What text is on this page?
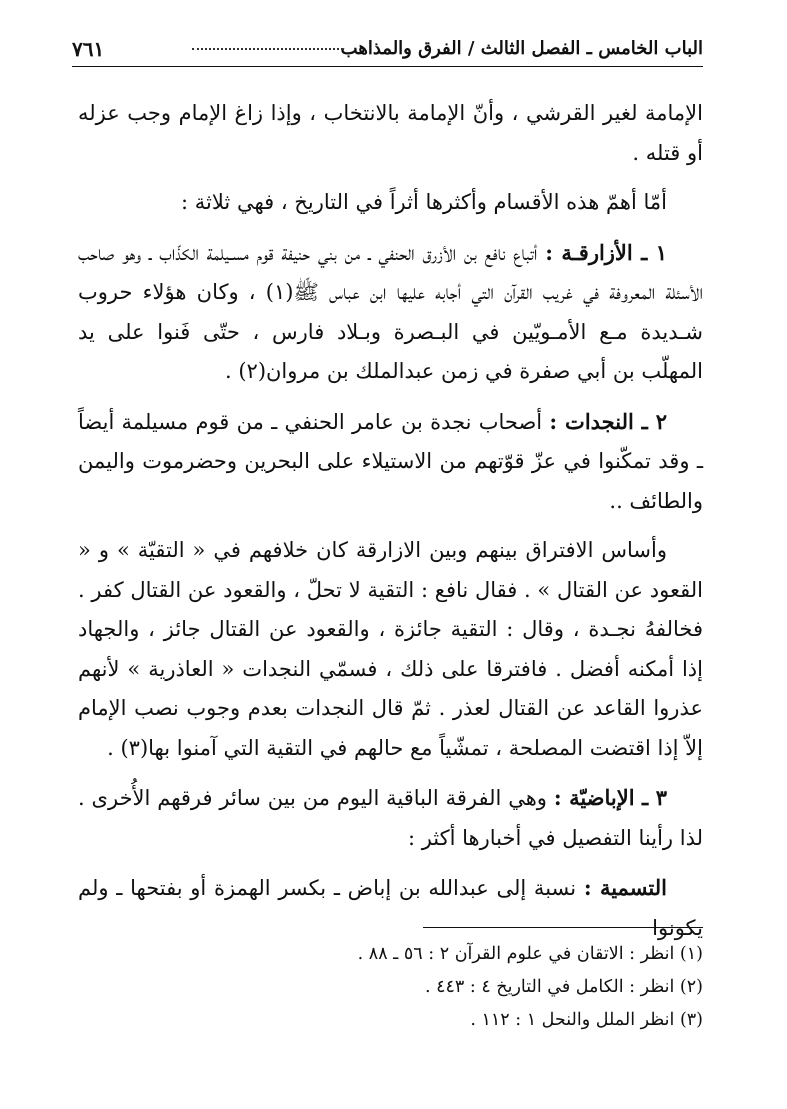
الباب الخامس ـ الفصل الثالث / الفرق والمذاهب
٧٦١

الإمامة لغير القرشي ، وأنّ الإمامة بالانتخاب ، وإذا زاغ الإمام وجب عزله أو قتله .

أمّا أهمّ هذه الأقسام وأكثرها أثراً في التاريخ ، فهي ثلاثة :

١ ـ الأزارقـة : أتباع نافع بن الأزرق الحنفي ـ من بني حنيفة قوم مسـيلمة الكذّاب ـ وهو صاحب الأسئلة المعروفة في غريب القرآن التي أجابه عليها ابن عباس ﷺ(١) ، وكان هؤلاء حروب شـديدة مـع الأمـويّين في البـصرة وبـلاد فارس ، حتّى فَنوا على يد المهلّب بن أبي صفرة في زمن عبدالملك بن مروان(٢) .

٢ ـ النجدات : أصحاب نجدة بن عامر الحنفي ـ من قوم مسيلمة أيضاً ـ وقد تمكّنوا في عزّ قوّتهم من الاستيلاء على البحرين وحضرموت واليمن والطائف ..

وأساس الافتراق بينهم وبين الازارقة كان خلافهم في « التقيّة » و « القعود عن القتال » . فقال نافع : التقية لا تحلّ ، والقعود عن القتال كفر . فخالفهُ نجـدة ، وقال : التقية جائزة ، والقعود عن القتال جائز ، والجهاد إذا أمكنه أفضل . فافترقا على ذلك ، فسمّي النجدات « العاذرية » لأنهم عذروا القاعد عن القتال لعذر . ثمّ قال النجدات بعدم وجوب نصب الإمام إلاّ إذا اقتضت المصلحة ، تمشّياً مع حالهم في التقية التي آمنوا بها(٣) .

٣ ـ الإباضيّة : وهي الفرقة الباقية اليوم من بين سائر فرقهم الأُخرى . لذا رأينا التفصيل في أخبارها أكثر :

التسمية : نسبة إلى عبدالله بن إباض ـ بكسر الهمزة أو بفتحها ـ ولم يكونوا

(١) انظر : الاتقان في علوم القرآن ٢ : ٥٦ ـ ٨٨ .

(٢) انظر : الكامل في التاريخ ٤ : ٤٤٣ .

(٣) انظر الملل والنحل ١ : ١١٢ .
